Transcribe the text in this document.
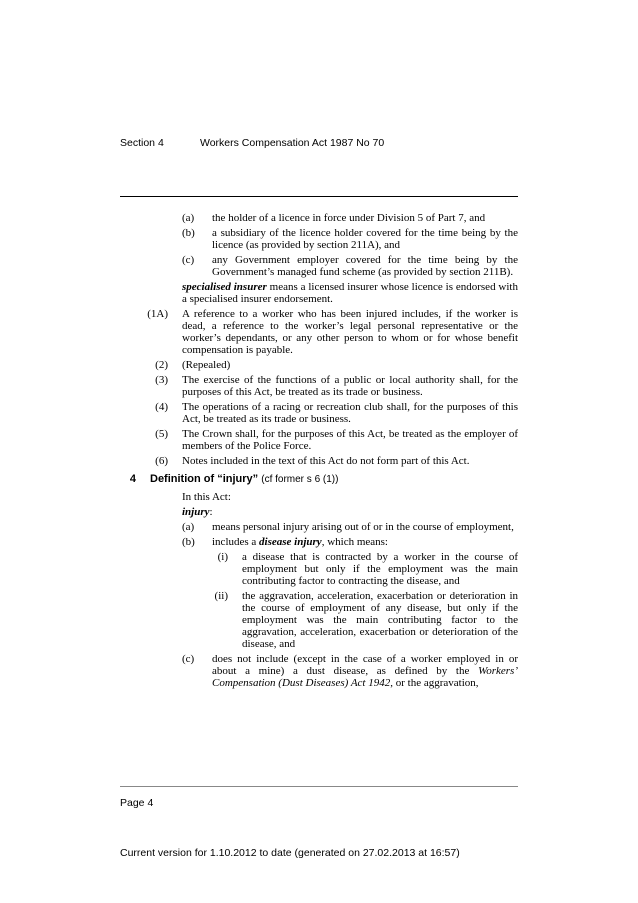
Section 4	Workers Compensation Act 1987 No 70
(a) the holder of a licence in force under Division 5 of Part 7, and
(b) a subsidiary of the licence holder covered for the time being by the licence (as provided by section 211A), and
(c) any Government employer covered for the time being by the Government’s managed fund scheme (as provided by section 211B).
specialised insurer means a licensed insurer whose licence is endorsed with a specialised insurer endorsement.
(1A) A reference to a worker who has been injured includes, if the worker is dead, a reference to the worker’s legal personal representative or the worker’s dependants, or any other person to whom or for whose benefit compensation is payable.
(2) (Repealed)
(3) The exercise of the functions of a public or local authority shall, for the purposes of this Act, be treated as its trade or business.
(4) The operations of a racing or recreation club shall, for the purposes of this Act, be treated as its trade or business.
(5) The Crown shall, for the purposes of this Act, be treated as the employer of members of the Police Force.
(6) Notes included in the text of this Act do not form part of this Act.
4 Definition of “injury” (cf former s 6 (1))
In this Act:
injury:
(a) means personal injury arising out of or in the course of employment,
(b) includes a disease injury, which means:
(i) a disease that is contracted by a worker in the course of employment but only if the employment was the main contributing factor to contracting the disease, and
(ii) the aggravation, acceleration, exacerbation or deterioration in the course of employment of any disease, but only if the employment was the main contributing factor to the aggravation, acceleration, exacerbation or deterioration of the disease, and
(c) does not include (except in the case of a worker employed in or about a mine) a dust disease, as defined by the Workers’ Compensation (Dust Diseases) Act 1942, or the aggravation,
Page 4
Current version for 1.10.2012 to date (generated on 27.02.2013 at 16:57)
